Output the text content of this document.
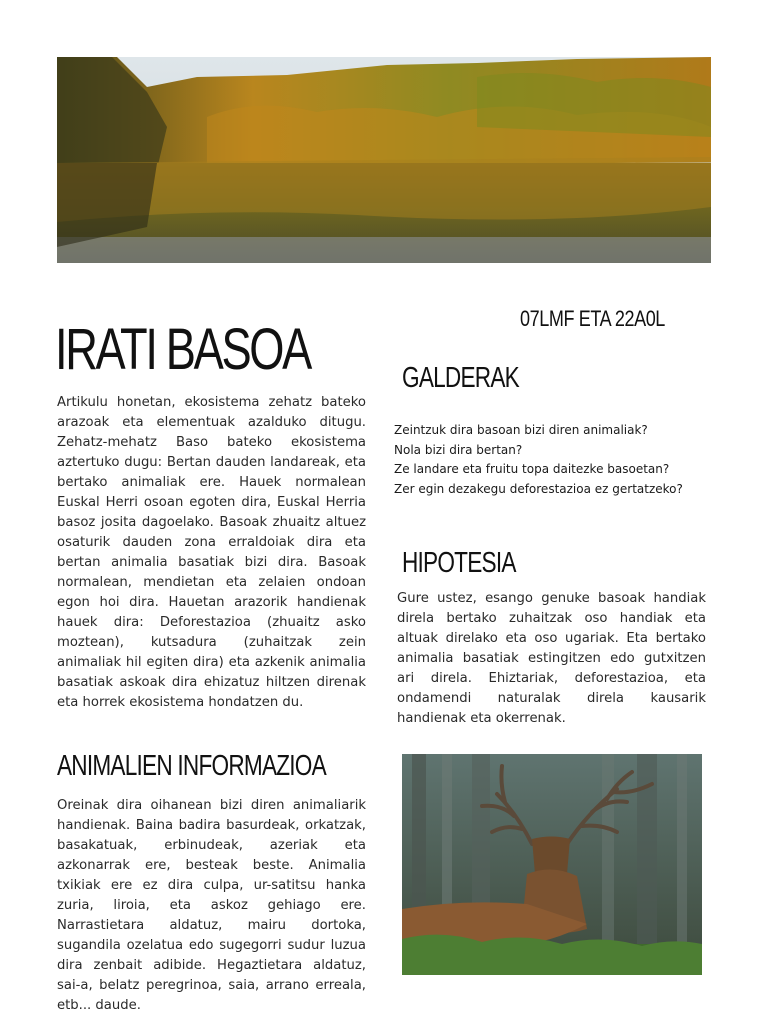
IRATI BASOA	07LMF ETA 22A0L
GALDERAK
Zeintzuk dira basoan bizi diren animaliak?
Nola bizi dira bertan?
Ze landare eta fruitu topa daitezke basoetan?
Zer egin dezakegu deforestazioa ez gertatzeko?

Artikulu honetan, ekosistema zehatz bateko arazoak eta elementuak azalduko ditugu. Zehatz-mehatz Baso bateko ekosistema aztertuko dugu: Bertan dauden landareak, eta bertako animaliak ere. Hauek normalean Euskal Herri osoan egoten dira, Euskal Herria basoz josita dagoelako. Basoak zhuaitz altuez osaturik dauden zona erraldoiak dira eta bertan animalia basatiak bizi dira. Basoak normalean, mendietan eta zelaien ondoan egon hoi dira. Hauetan arazorik handienak hauek dira: Deforestazioa (zhuaitz asko moztean), kutsadura (zuhaitzak zein animaliak hil egiten dira) eta azkenik animalia basatiak askoak dira ehizatuz hiltzen direnak eta horrek ekosistema hondatzen du.

HIPOTESIA

Gure ustez, esango genuke basoak handiak direla bertako zuhaitzak oso handiak eta altuak direlako eta oso ugariak. Eta bertako animalia basatiak estingitzen edo gutxitzen ari direla. Ehiztariak, deforestazioa, eta ondamendi naturalak direla kausarik handienak eta okerrenak.

ANIMALIEN INFORMAZIOA

Oreinak dira oihanean bizi diren animaliarik handienak. Baina badira basurdeak, orkatzak, basakatuak, erbinudeak, azeriak eta azkonarrak ere, besteak beste. Animalia txikiak ere ez dira culpa, ur-satitsu hanka zuria, liroia, eta askoz gehiago ere. Narrastietara aldatuz, mairu dortoka, sugandila ozelatua edo sugegorri sudur luzua dira zenbait adibide. Hegaztietara aldatuz, sai-a, belatz peregrinoa, saia, arrano erreala, etb... daude.
